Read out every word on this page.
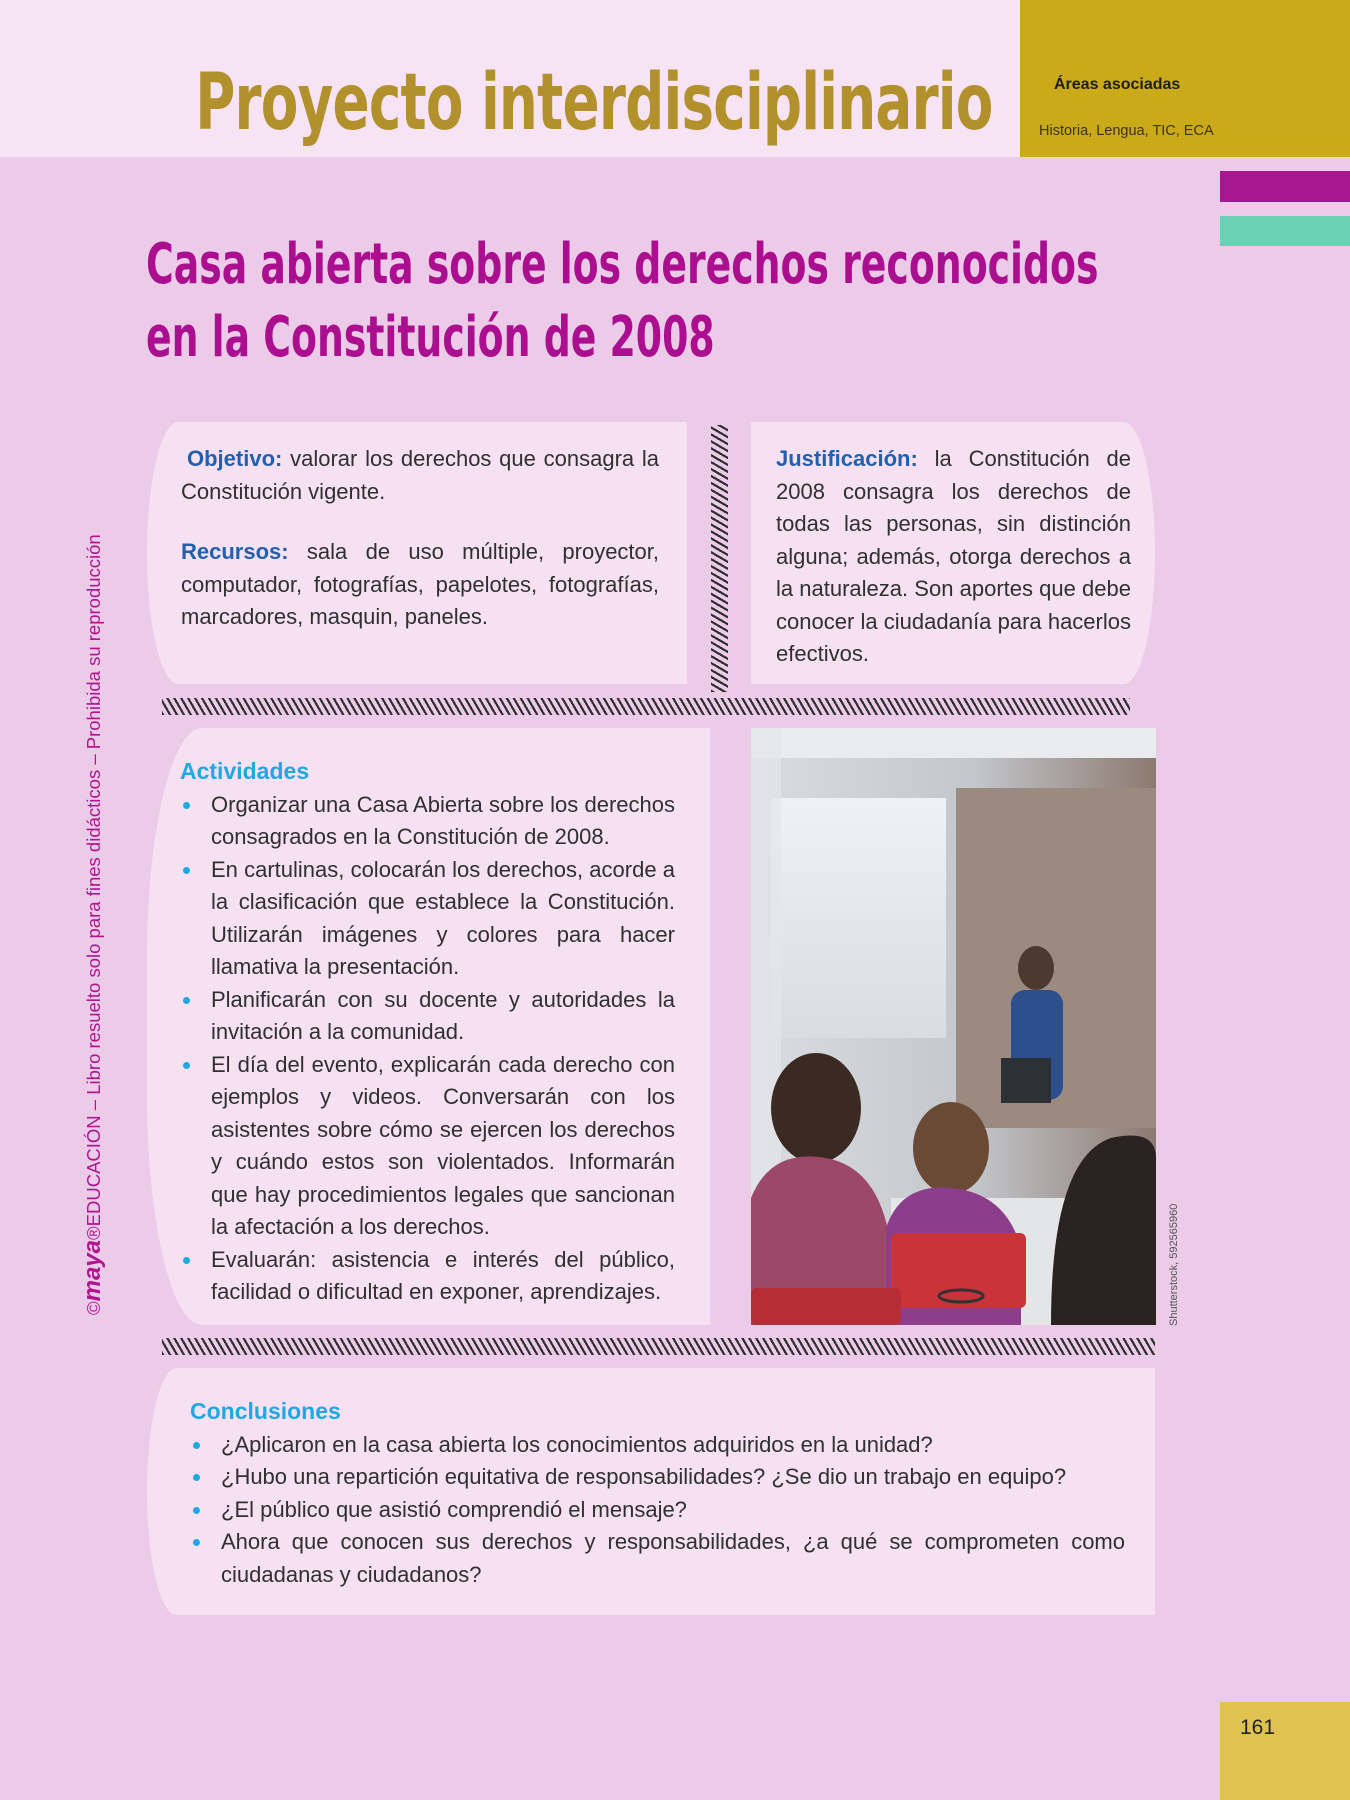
Proyecto interdisciplinario	Áreas asociadas
Historia, Lengua, TIC, ECA
Casa abierta sobre los derechos reconocidos
en la Constitución de 2008
©maya®EDUCACIÓN – Libro resuelto solo para fines didácticos – Prohibida su reproducción

Objetivo: valorar los derechos que consagra la Constitución vigente.

Recursos: sala de uso múltiple, proyector, computador, fotografías, papelotes, fotografías, marcadores, masquin, paneles.

Justificación: la Constitución de 2008 consagra los derechos de todas las personas, sin distinción alguna; además, otorga derechos a la naturaleza. Son aportes que debe conocer la ciudadanía para hacerlos efectivos.

Actividades
Organizar una Casa Abierta sobre los derechos consagrados en la Constitución de 2008.
En cartulinas, colocarán los derechos, acorde a la clasificación que establece la Constitución. Utilizarán imágenes y colores para hacer llamativa la presentación.
Planificarán con su docente y autoridades la invitación a la comunidad.
El día del evento, explicarán cada derecho con ejemplos y videos. Conversarán con los asistentes sobre cómo se ejercen los derechos y cuándo estos son violentados. Informarán que hay procedimientos legales que sancionan la afectación a los derechos.
Evaluarán: asistencia e interés del público, facilidad o dificultad en exponer, aprendizajes.	Shutterstock, 592565960
Conclusiones
¿Aplicaron en la casa abierta los conocimientos adquiridos en la unidad?
¿Hubo una repartición equitativa de responsabilidades? ¿Se dio un trabajo en equipo?
¿El público que asistió comprendió el mensaje?
Ahora que conocen sus derechos y responsabilidades, ¿a qué se comprometen como ciudadanas y ciudadanos?
161
